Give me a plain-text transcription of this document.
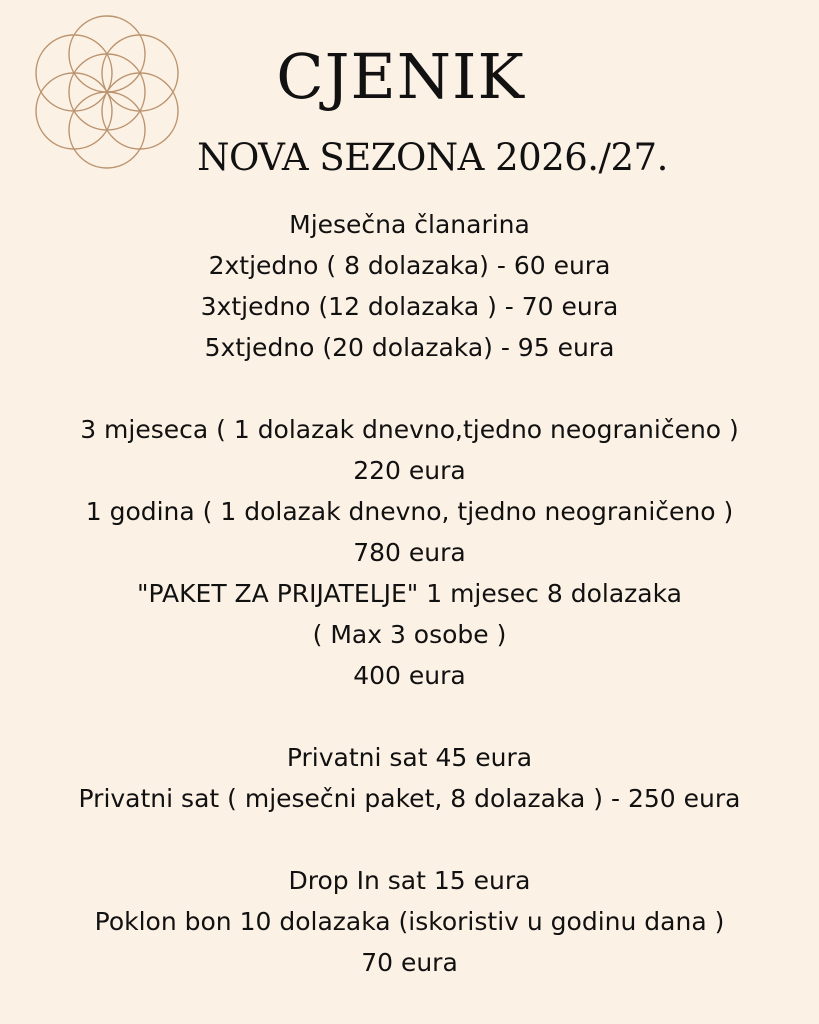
CJENIK
NOVA SEZONA 2026./27.
Mjesečna članarina
2xtjedno ( 8 dolazaka) - 60 eura
3xtjedno (12 dolazaka ) - 70 eura
5xtjedno (20 dolazaka) - 95 eura
3 mjeseca ( 1 dolazak dnevno,tjedno neograničeno )
220 eura
1 godina ( 1 dolazak dnevno, tjedno neograničeno )
780 eura
"PAKET ZA PRIJATELJE" 1 mjesec 8 dolazaka
( Max 3 osobe )
400 eura
Privatni sat 45 eura
Privatni sat ( mjesečni paket, 8 dolazaka ) - 250 eura
Drop In sat 15 eura
Poklon bon 10 dolazaka (iskoristiv u godinu dana )
70 eura
